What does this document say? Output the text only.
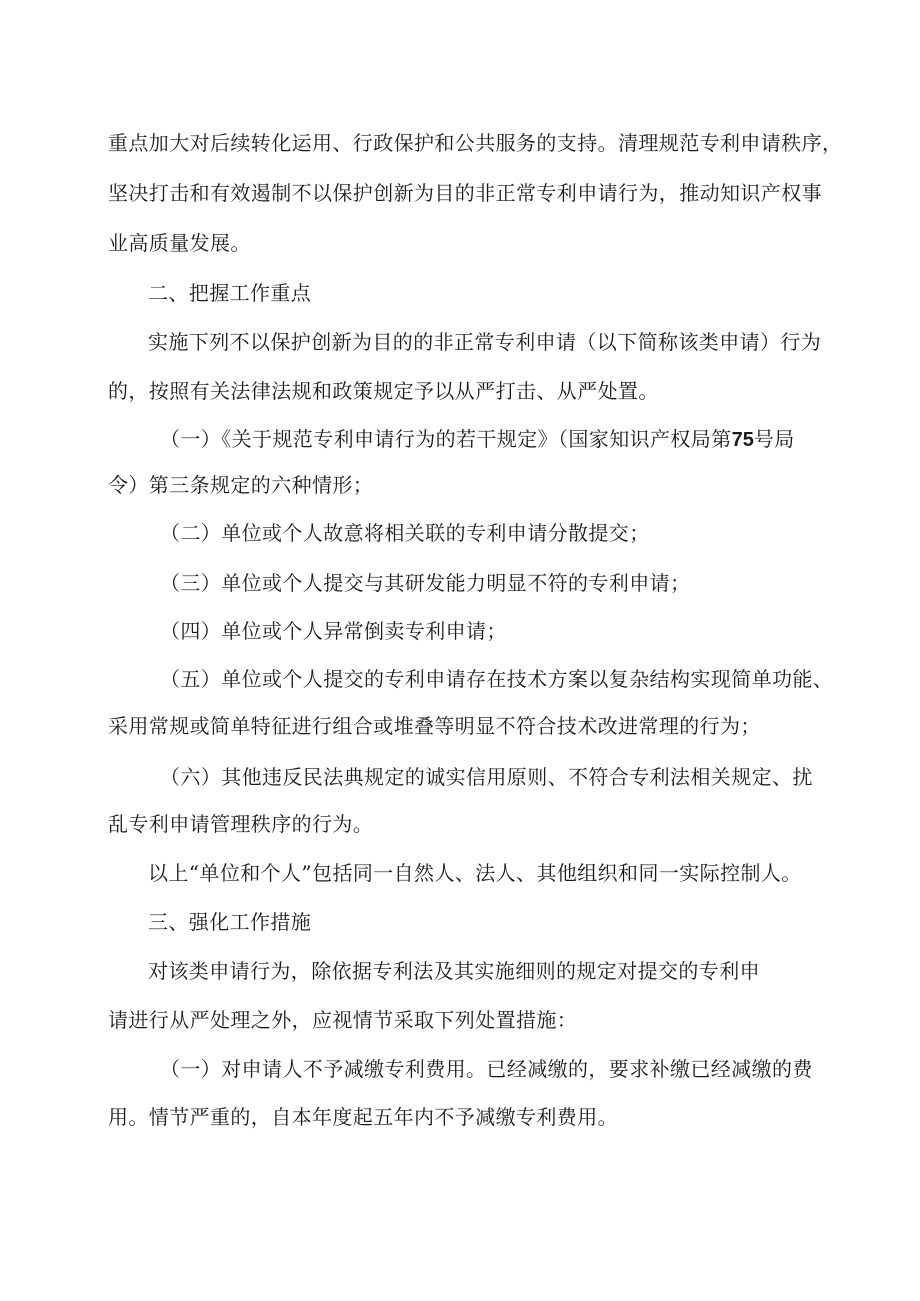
重点加大对后续转化运用、行政保护和公共服务的支持。清理规范专利申请秩序，
坚决打击和有效遏制不以保护创新为目的非正常专利申请行为，推动知识产权事
业高质量发展。
二、把握工作重点
实施下列不以保护创新为目的的非正常专利申请（以下简称该类申请）行为
的，按照有关法律法规和政策规定予以从严打击、从严处置。
（一）《关于规范专利申请行为的若干规定》（国家知识产权局第75号局
令）第三条规定的六种情形；
（二）单位或个人故意将相关联的专利申请分散提交；
（三）单位或个人提交与其研发能力明显不符的专利申请；
（四）单位或个人异常倒卖专利申请；
（五）单位或个人提交的专利申请存在技术方案以复杂结构实现简单功能、
采用常规或简单特征进行组合或堆叠等明显不符合技术改进常理的行为；
（六）其他违反民法典规定的诚实信用原则、不符合专利法相关规定、扰
乱专利申请管理秩序的行为。
以上“单位和个人”包括同一自然人、法人、其他组织和同一实际控制人。
三、强化工作措施
对该类申请行为，除依据专利法及其实施细则的规定对提交的专利申
请进行从严处理之外，应视情节采取下列处置措施：
（一）对申请人不予减缴专利费用。已经减缴的，要求补缴已经减缴的费
用。情节严重的，自本年度起五年内不予减缴专利费用。
